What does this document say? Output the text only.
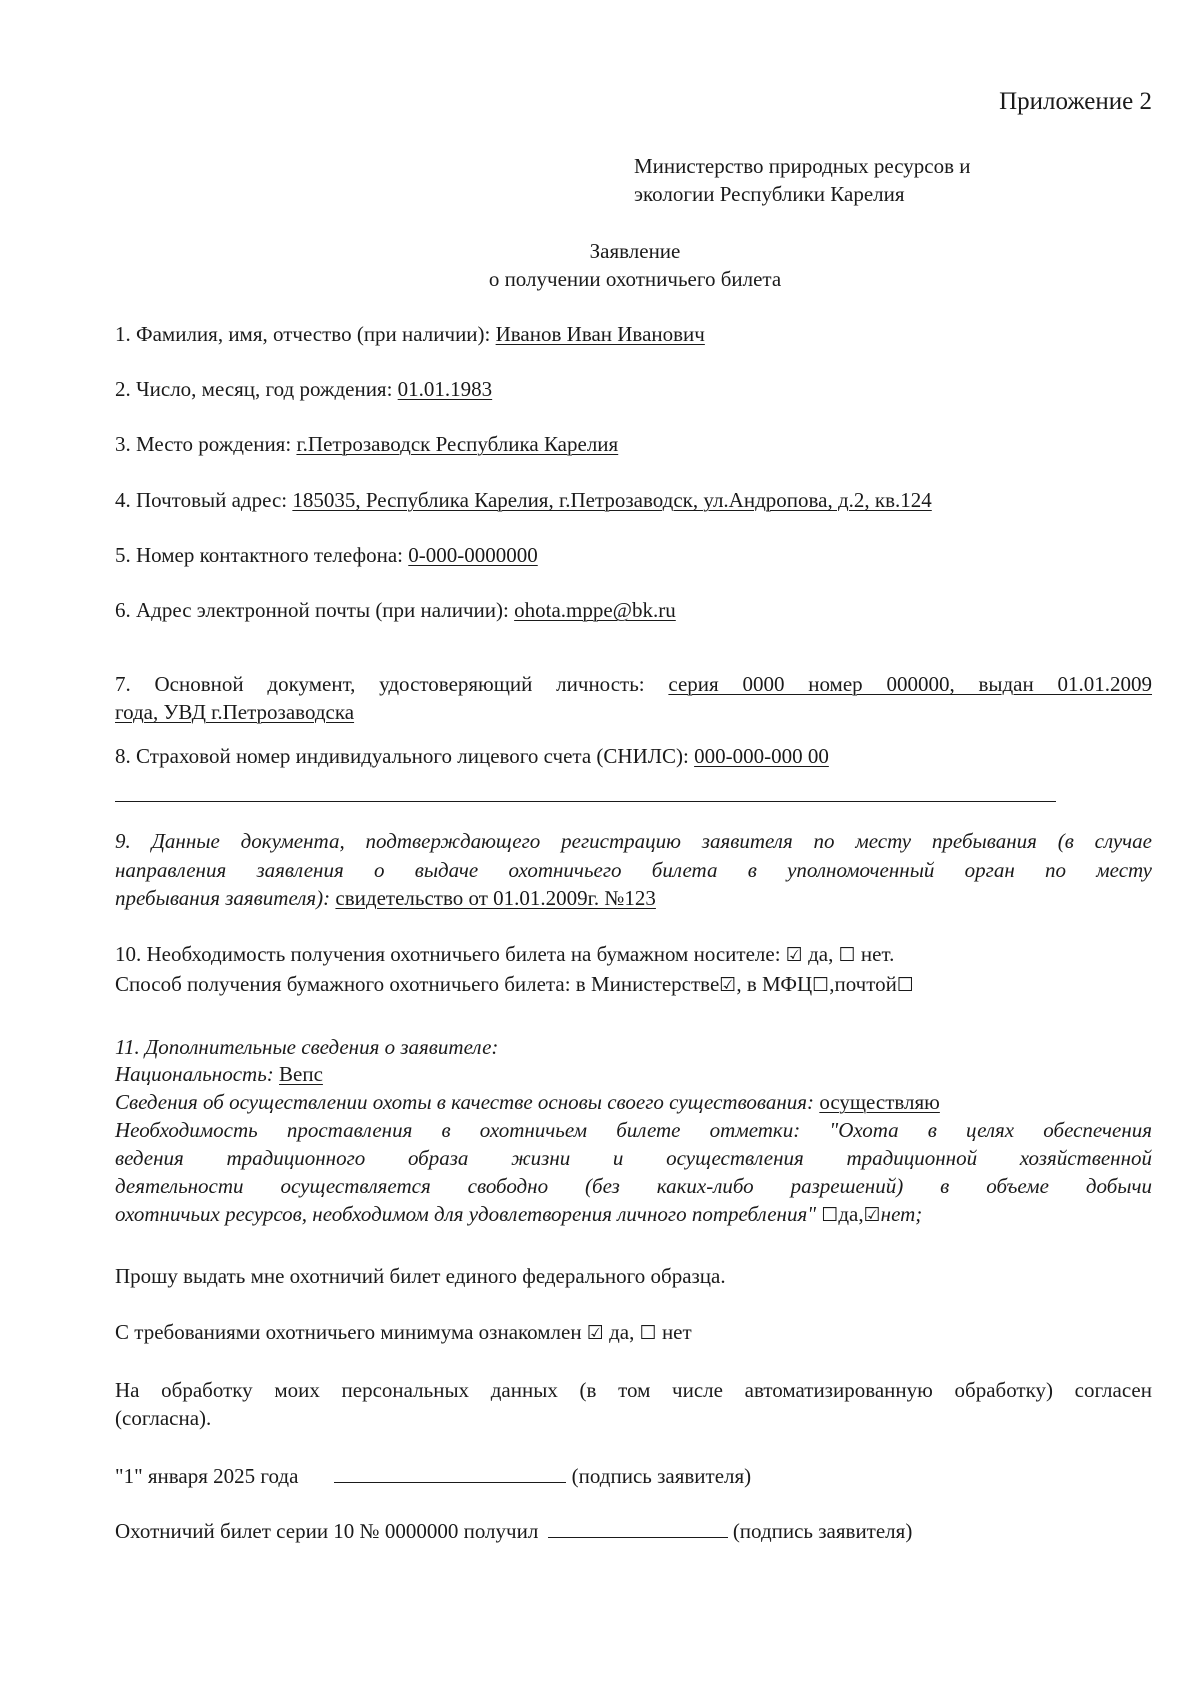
Приложение 2
Министерство природных ресурсов и
экологии Республики Карелия
Заявление
о получении охотничьего билета
1. Фамилия, имя, отчество (при наличии): Иванов Иван Иванович
2. Число, месяц, год рождения: 01.01.1983
3. Место рождения: г.Петрозаводск Республика Карелия
4. Почтовый адрес: 185035, Республика Карелия, г.Петрозаводск, ул.Андропова, д.2, кв.124
5. Номер контактного телефона: 0-000-0000000
6. Адрес электронной почты (при наличии): ohota.mppe@bk.ru
7. Основной документ, удостоверяющий личность: серия 0000 номер 000000, выдан 01.01.2009
года, УВД г.Петрозаводска
8. Страховой номер индивидуального лицевого счета (СНИЛС): 000-000-000 00
9. Данные документа, подтверждающего регистрацию заявителя по месту пребывания (в случае
направления заявления о выдаче охотничьего билета в уполномоченный орган по месту
пребывания заявителя): свидетельство от 01.01.2009г. №123
10. Необходимость получения охотничьего билета на бумажном носителе: ☑ да, ☐ нет.
Способ получения бумажного охотничьего билета: в Министерстве☑, в МФЦ☐,почтой☐
11. Дополнительные сведения о заявителе:
Национальность: Вепс
Сведения об осуществлении охоты в качестве основы своего существования: осуществляю
Необходимость проставления в охотничьем билете отметки: "Охота в целях обеспечения
ведения традиционного образа жизни и осуществления традиционной хозяйственной
деятельности осуществляется свободно (без каких-либо разрешений) в объеме добычи
охотничьих ресурсов, необходимом для удовлетворения личного потребления" ☐да,☑нет;
Прошу выдать мне охотничий билет единого федерального образца.
С требованиями охотничьего минимума ознакомлен ☑ да, ☐ нет
На обработку моих персональных данных (в том числе автоматизированную обработку) согласен
(согласна).
"1" января 2025 года	(подпись заявителя)
Охотничий билет серии 10 № 0000000 получил	(подпись заявителя)
